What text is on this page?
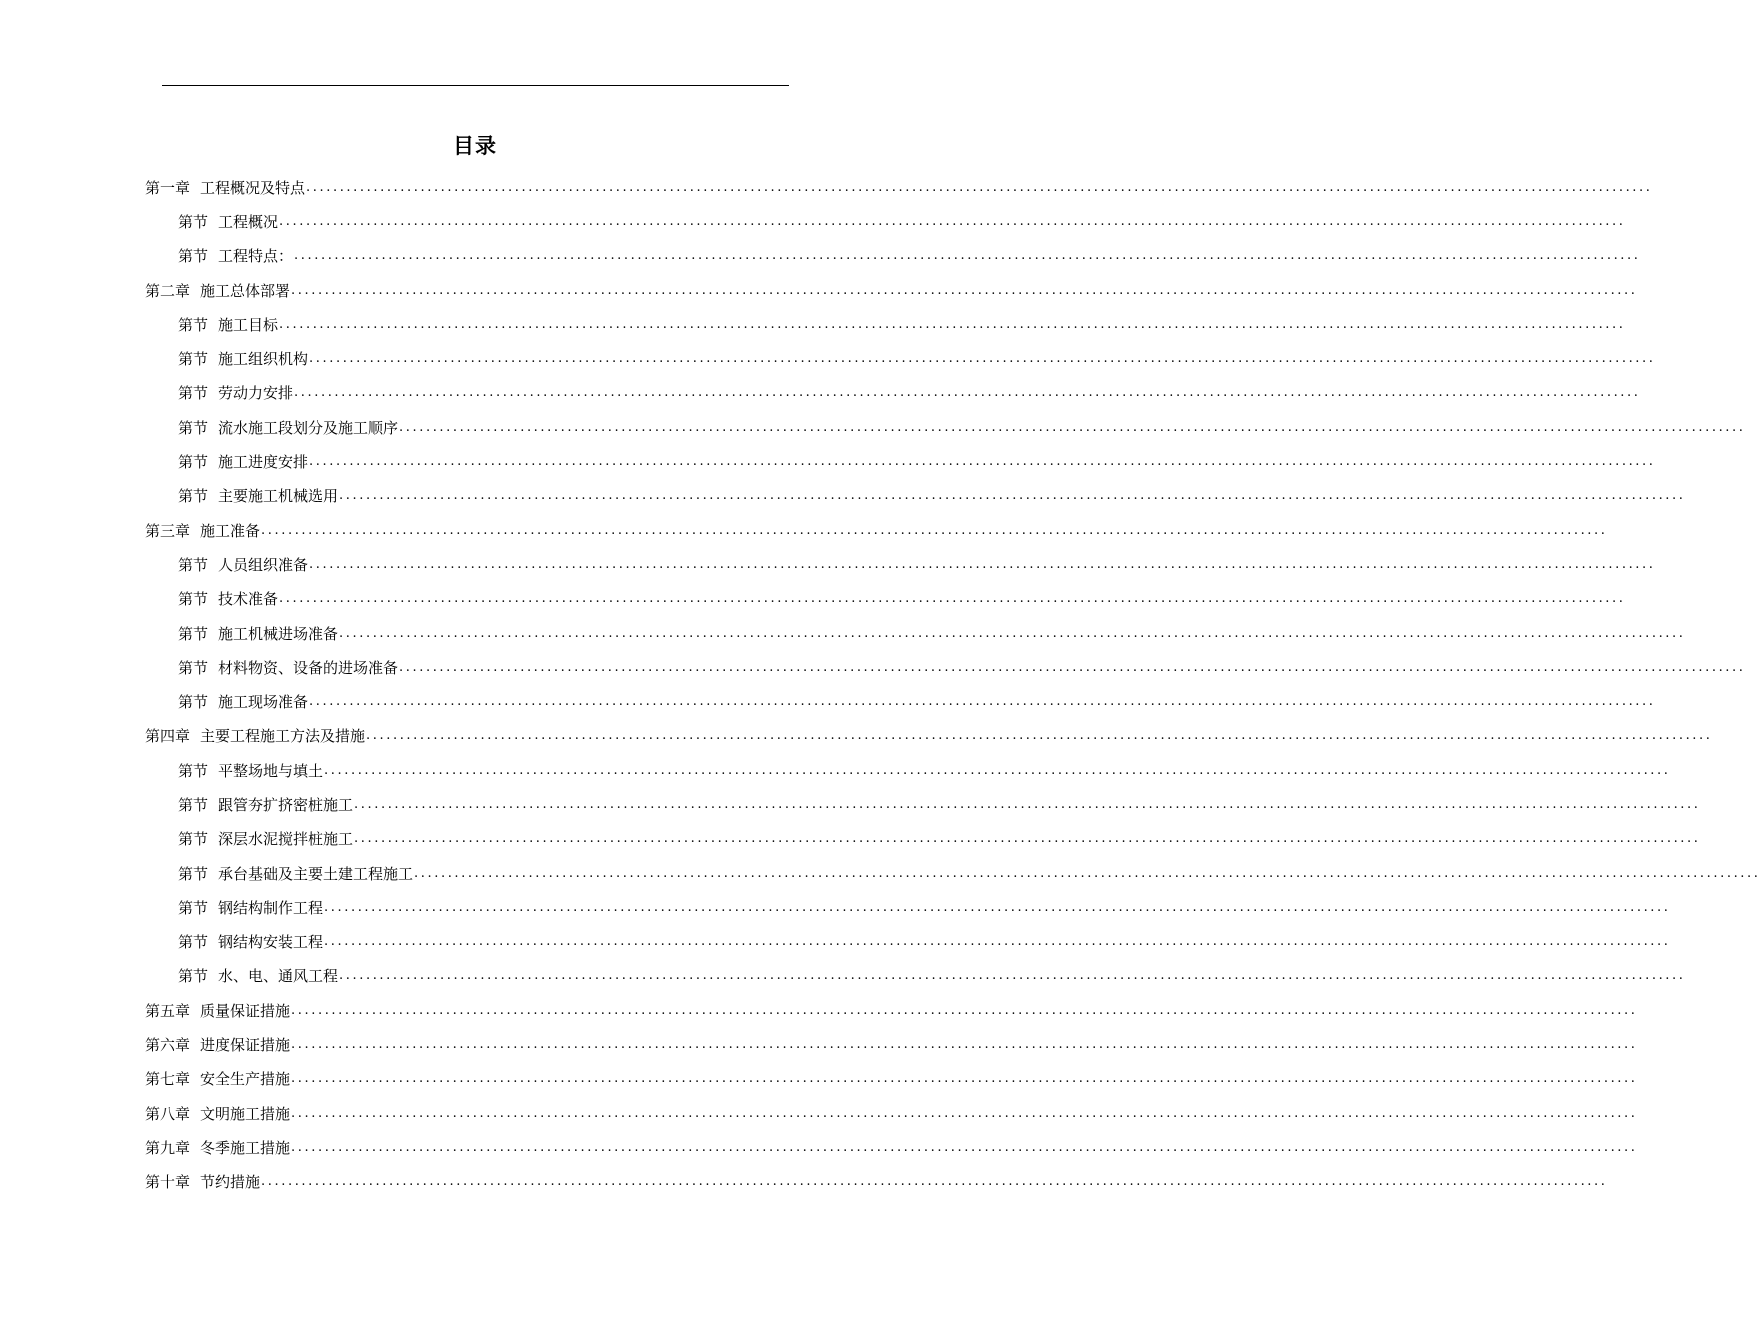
目录
第一章 工程概况及特点 ........................................................................................................................................................................................................
第节 工程概况 ........................................................................................................................................................................................................
第节 工程特点： ........................................................................................................................................................................................................
第二章 施工总体部署 ........................................................................................................................................................................................................
第节 施工目标 ........................................................................................................................................................................................................
第节 施工组织机构 ........................................................................................................................................................................................................
第节 劳动力安排 ........................................................................................................................................................................................................
第节 流水施工段划分及施工顺序 ........................................................................................................................................................................................................
第节 施工进度安排 ........................................................................................................................................................................................................
第节 主要施工机械选用 ........................................................................................................................................................................................................
第三章 施工准备 ........................................................................................................................................................................................................
第节 人员组织准备 ........................................................................................................................................................................................................
第节 技术准备 ........................................................................................................................................................................................................
第节 施工机械进场准备 ........................................................................................................................................................................................................
第节 材料物资、设备的进场准备 ........................................................................................................................................................................................................
第节 施工现场准备 ........................................................................................................................................................................................................
第四章 主要工程施工方法及措施 ........................................................................................................................................................................................................
第节 平整场地与填土 ........................................................................................................................................................................................................
第节 跟管夯扩挤密桩施工 ........................................................................................................................................................................................................
第节 深层水泥搅拌桩施工 ........................................................................................................................................................................................................
第节 承台基础及主要土建工程施工 ........................................................................................................................................................................................................
第节 钢结构制作工程 ........................................................................................................................................................................................................
第节 钢结构安装工程 ........................................................................................................................................................................................................
第节 水、电、通风工程 ........................................................................................................................................................................................................
第五章 质量保证措施 ........................................................................................................................................................................................................
第六章 进度保证措施 ........................................................................................................................................................................................................
第七章 安全生产措施 ........................................................................................................................................................................................................
第八章 文明施工措施 ........................................................................................................................................................................................................
第九章 冬季施工措施 ........................................................................................................................................................................................................
第十章 节约措施 ........................................................................................................................................................................................................
